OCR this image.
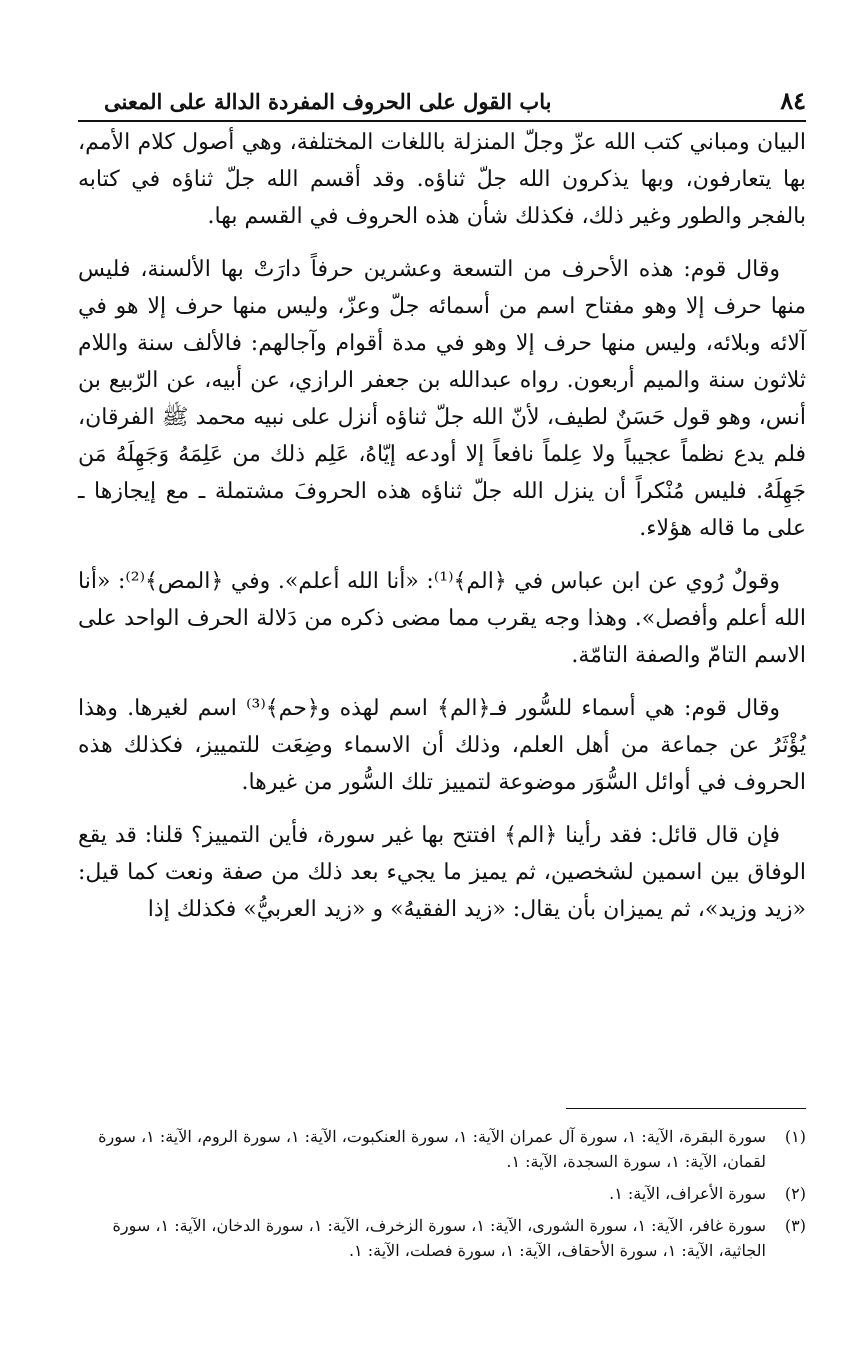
٨٤
باب القول على الحروف المفردة الدالة على المعنى

البيان ومباني كتب الله عزّ وجلّ المنزلة باللغات المختلفة، وهي أصول كلام الأمم، بها يتعارفون، وبها يذكرون الله جلّ ثناؤه. وقد أقسم الله جلّ ثناؤه في كتابه بالفجر والطور وغير ذلك، فكذلك شأن هذه الحروف في القسم بها.

وقال قوم: هذه الأحرف من التسعة وعشرين حرفاً دارَتْ بها الألسنة، فليس منها حرف إلا وهو مفتاح اسم من أسمائه جلّ وعزّ، وليس منها حرف إلا هو في آلائه وبلائه، وليس منها حرف إلا وهو في مدة أقوام وآجالهم: فالألف سنة واللام ثلاثون سنة والميم أربعون. رواه عبدالله بن جعفر الرازي، عن أبيه، عن الرّبيع بن أنس، وهو قول حَسَنٌ لطيف، لأنّ الله جلّ ثناؤه أنزل على نبيه محمد ﷺ الفرقان، فلم يدع نظماً عجيباً ولا عِلماً نافعاً إلا أودعه إيّاهُ، عَلِم ذلك من عَلِمَهُ وَجَهِلَهُ مَن جَهِلَهُ. فليس مُنْكراً أن ينزل الله جلّ ثناؤه هذه الحروفَ مشتملة ـ مع إيجازها ـ على ما قاله هؤلاء.

وقولٌ رُوي عن ابن عباس في ﴿الم﴾⁽¹⁾: «أنا الله أعلم». وفي ﴿المص﴾⁽²⁾: «أنا الله أعلم وأفصل». وهذا وجه يقرب مما مضى ذكره من دَلالة الحرف الواحد على الاسم التامّ والصفة التامّة.

وقال قوم: هي أسماء للسُّور فـ﴿الم﴾ اسم لهذه و﴿حم﴾⁽³⁾ اسم لغيرها. وهذا يُؤْثَرُ عن جماعة من أهل العلم، وذلك أن الاسماء وضِعَت للتمييز، فكذلك هذه الحروف في أوائل السُّوَر موضوعة لتمييز تلك السُّور من غيرها.

فإن قال قائل: فقد رأينا ﴿الم﴾ افتتح بها غير سورة، فأين التمييز؟ قلنا: قد يقع الوفاق بين اسمين لشخصين، ثم يميز ما يجيء بعد ذلك من صفة ونعت كما قيل: «زيد وزيد»، ثم يميزان بأن يقال: «زيد الفقيهُ» و «زيد العربيُّ» فكذلك إذا

(١)
سورة البقرة، الآية: ١، سورة آل عمران الآية: ١، سورة العنكبوت، الآية: ١، سورة الروم، الآية: ١، سورة لقمان، الآية: ١، سورة السجدة، الآية: ١.
(٢)
سورة الأعراف، الآية: ١.
(٣)
سورة غافر، الآية: ١، سورة الشورى، الآية: ١، سورة الزخرف، الآية: ١، سورة الدخان، الآية: ١، سورة الجاثية، الآية: ١، سورة الأحقاف، الآية: ١، سورة فصلت، الآية: ١.
